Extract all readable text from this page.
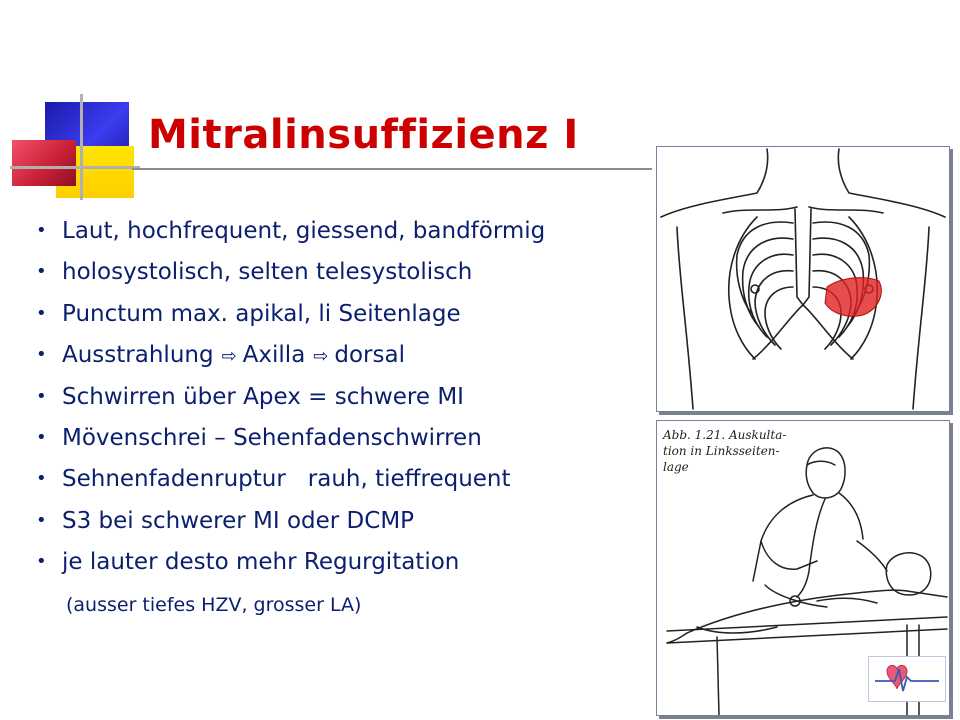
Mitralinsuffizienz I
• Laut, hochfrequent, giessend, bandförmig
• holosystolisch, selten telesystolisch
• Punctum max. apikal, li Seitenlage
• Ausstrahlung ⇨ Axilla ⇨ dorsal
• Schwirren über Apex = schwere MI
• Mövenschrei – Sehenfadenschwirren
• Sehnenfadenruptur   rauh, tieffrequent
• S3 bei schwerer MI oder DCMP
• je lauter desto mehr Regurgitation
(ausser tiefes HZV, grosser LA)
Abb. 1.21. Auskulta-
tion in Linksseiten-
lage
